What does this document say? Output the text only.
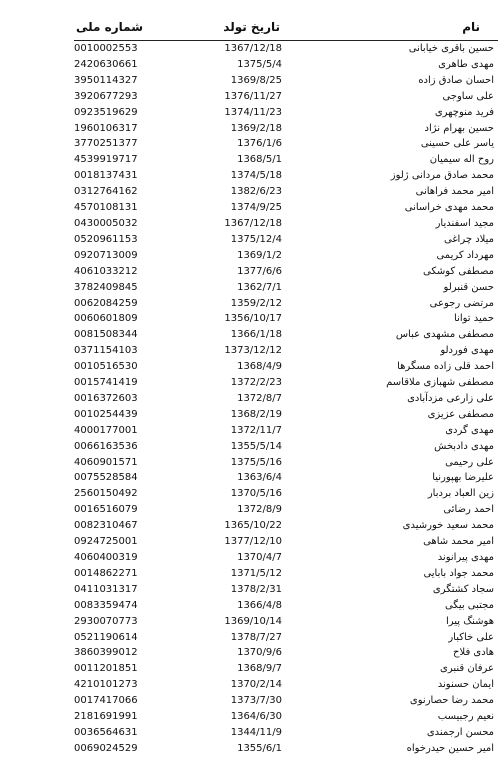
شماره ملی	تاریخ تولد	نام
0010002553	1367/12/18	حسین باقری خیابانی
2420630661	1375/5/4	مهدی طاهری
3950114327	1369/8/25	احسان صادق زاده
3920677293	1376/11/27	علی ساوجی
0923519629	1374/11/23	فرید منوچهری
1960106317	1369/2/18	حسین بهرام نژاد
3770251377	1376/1/6	یاسر علی حسینی
4539919717	1368/5/1	روح اله سیمیان
0018137431	1374/5/18	محمد صادق مردانی ژلوز
0312764162	1382/6/23	امیر محمد فراهانی
4570108131	1374/9/25	محمد مهدی خراسانی
0430005032	1367/12/18	مجید اسفندیار
0520961153	1375/12/4	میلاد چراغی
0920713009	1369/1/2	مهرداد کریمی
4061033212	1377/6/6	مصطفی کوشکی
3782409845	1362/7/1	حسن قنبرلو
0062084259	1359/2/12	مرتضی رجوعی
0060601809	1356/10/17	حمید توانا
0081508344	1366/1/18	مصطفی مشهدی عباس
0371154103	1373/12/12	مهدی فوردلو
0010516530	1368/4/9	احمد قلی زاده مسگرها
0015741419	1372/2/23	مصطفی شهبازی ملاقاسم
0016372603	1372/8/7	علی زارعی مزدآبادی
0010254439	1368/2/19	مصطفی عزیزی
4000177001	1372/11/7	مهدی گردی
0066163536	1355/5/14	مهدی دادبخش
4060901571	1375/5/16	علی رحیمی
0075528584	1363/6/4	علیرضا بهپورنیا
2560150492	1370/5/16	زین العباد بردبار
0016516079	1372/8/9	احمد رضائی
0082310467	1365/10/22	محمد سعید خورشیدی
0924725001	1377/12/10	امیر محمد شاهی
4060400319	1370/4/7	مهدی پیرانوند
0014862271	1371/5/12	محمد جواد بابایی
0411031317	1378/2/31	سجاد کشتگری
0083359474	1366/4/8	مجتبی بیگی
2930070773	1369/10/14	هوشنگ پیرا
0521190614	1378/7/27	علی خاکبار
3860399012	1370/9/6	هادی فلاح
0011201851	1368/9/7	عرفان قنبری
4210101273	1370/2/14	ایمان حسنوند
0017417066	1373/7/30	محمد رضا حصارنوی
2181691991	1364/6/30	نعیم رجبیسب
0036564631	1344/11/9	محسن ارجمندی
0069024529	1355/6/1	امیر حسین حیدرخواه
